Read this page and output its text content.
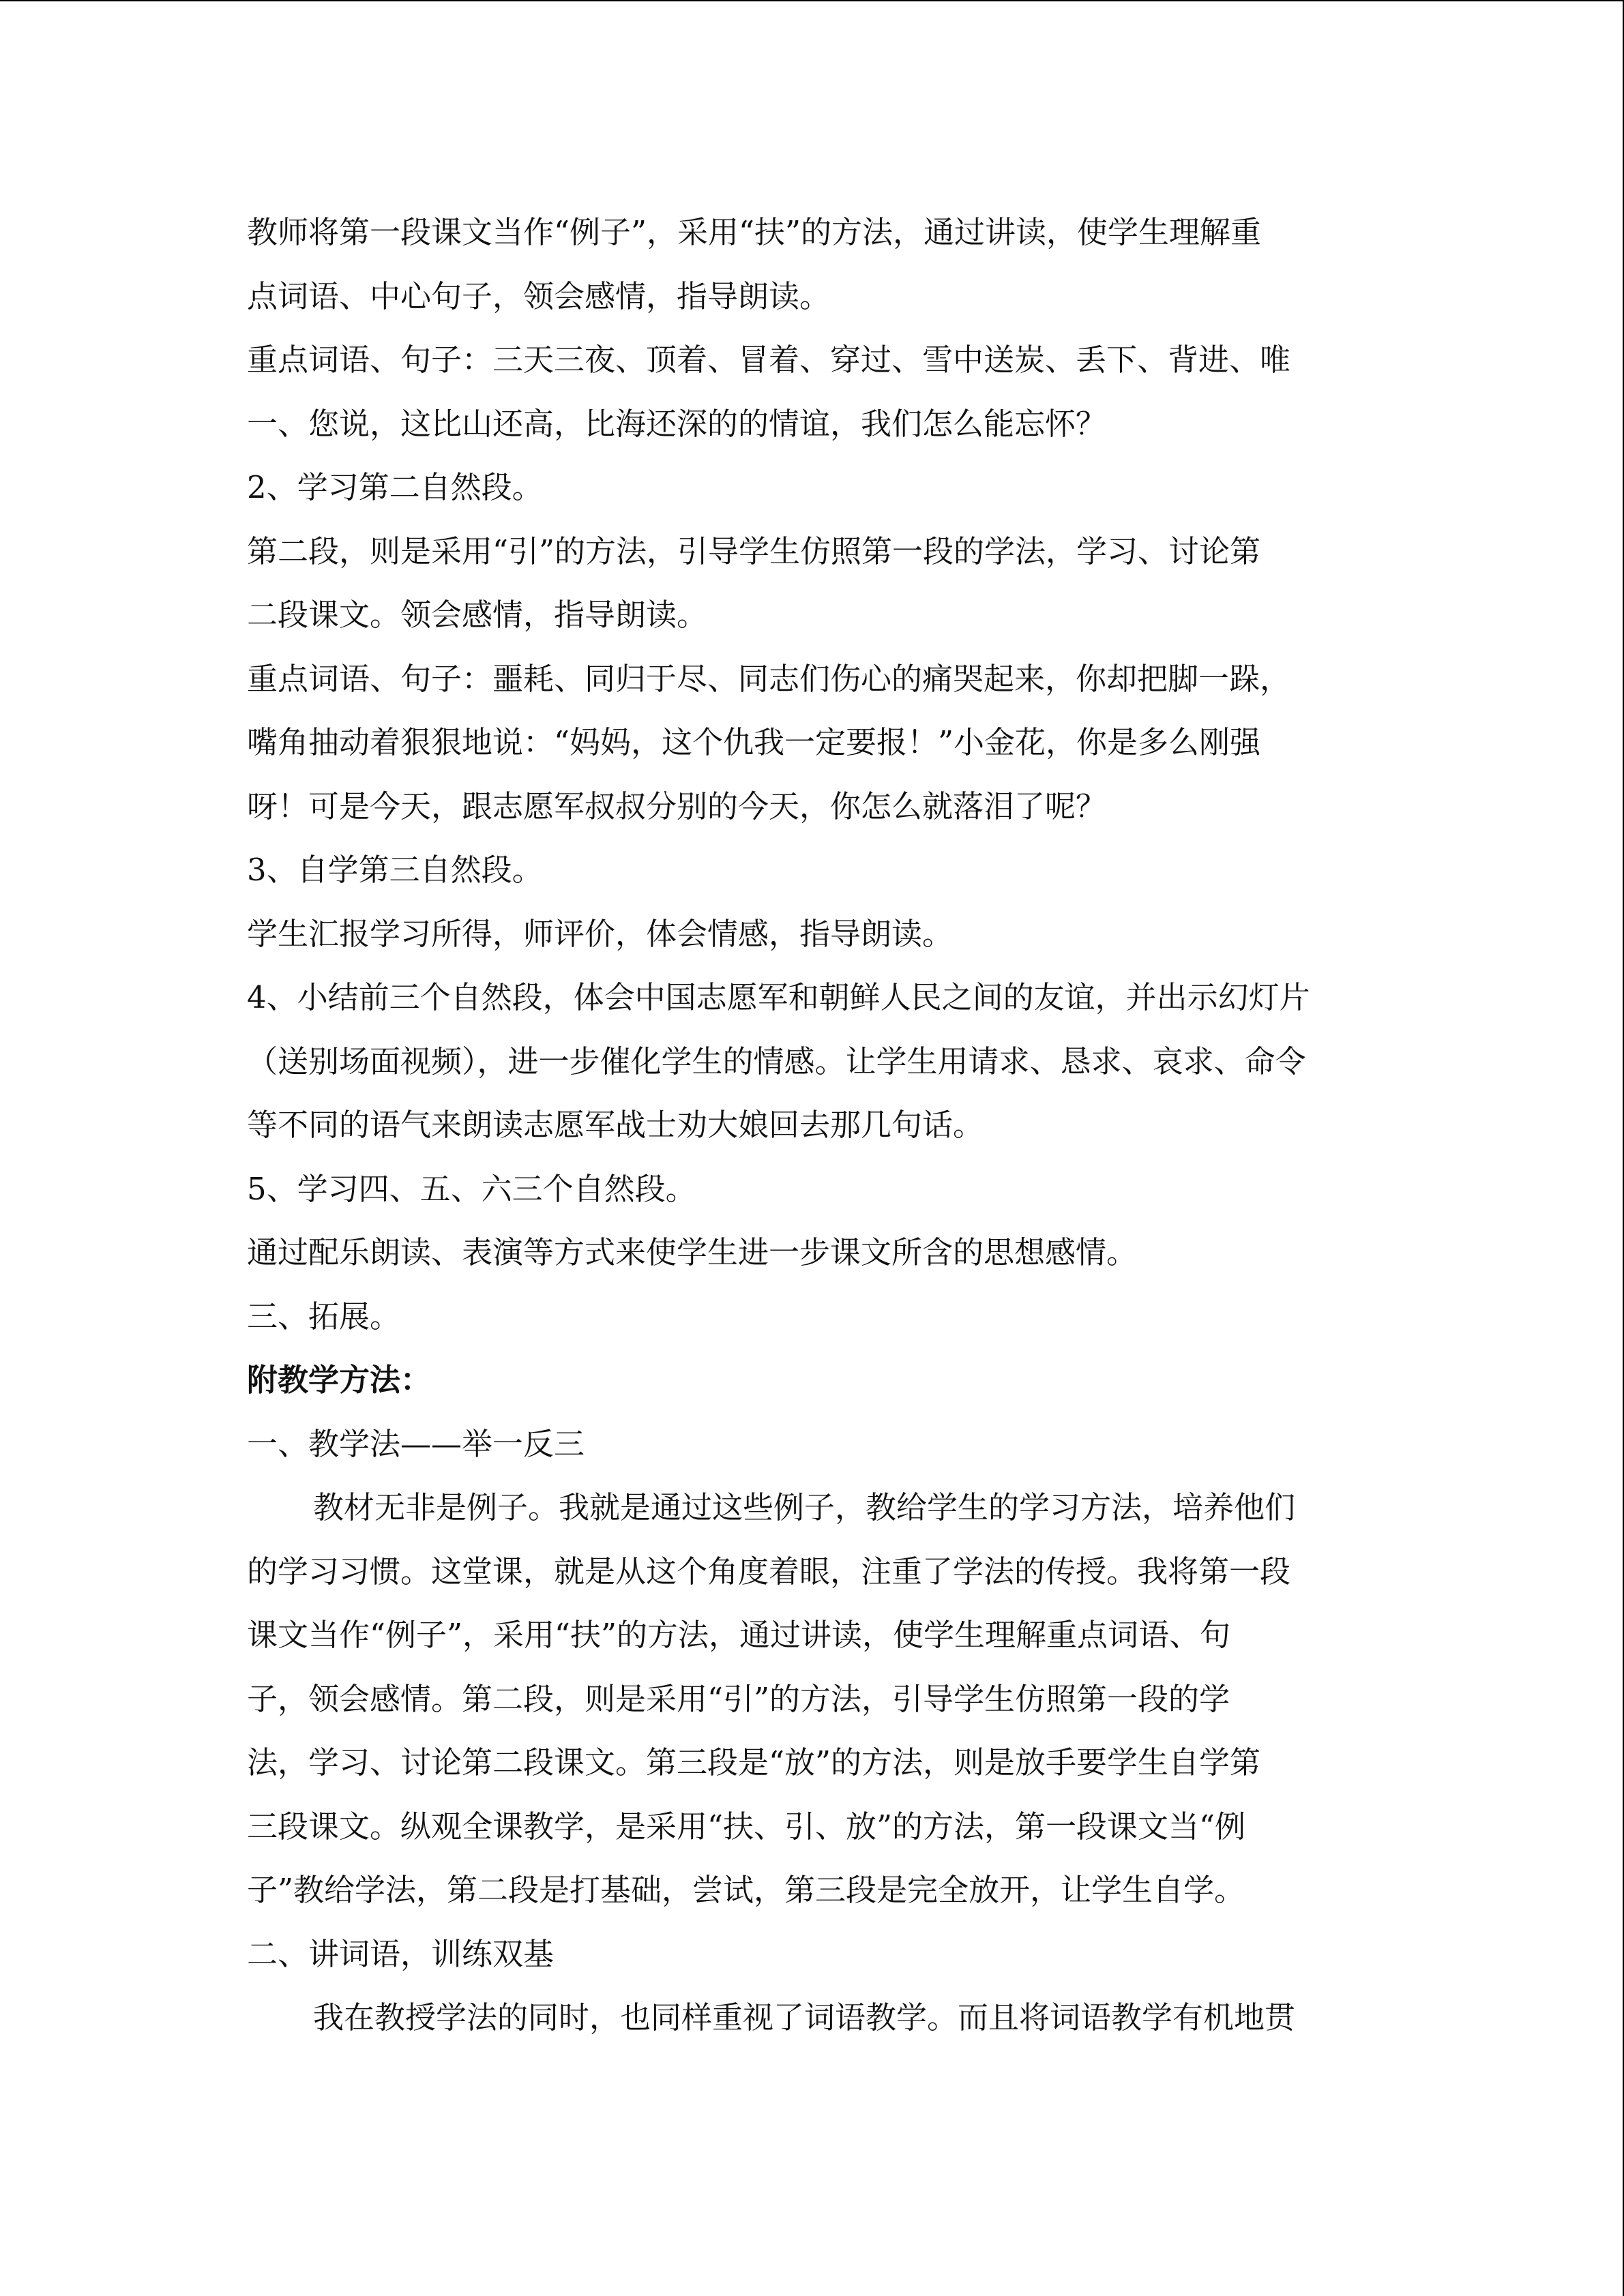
教师将第一段课文当作“例子”，采用“扶”的方法，通过讲读，使学生理解重
点词语、中心句子，领会感情，指导朗读。
重点词语、句子：三天三夜、顶着、冒着、穿过、雪中送炭、丢下、背进、唯
一、您说，这比山还高，比海还深的的情谊，我们怎么能忘怀？
2、学习第二自然段。
第二段，则是采用“引”的方法，引导学生仿照第一段的学法，学习、讨论第
二段课文。领会感情，指导朗读。
重点词语、句子：噩耗、同归于尽、同志们伤心的痛哭起来，你却把脚一跺，
嘴角抽动着狠狠地说：“妈妈，这个仇我一定要报！”小金花，你是多么刚强
呀！可是今天，跟志愿军叔叔分别的今天，你怎么就落泪了呢？
3、自学第三自然段。
学生汇报学习所得，师评价，体会情感，指导朗读。
4、小结前三个自然段，体会中国志愿军和朝鲜人民之间的友谊，并出示幻灯片
（送别场面视频），进一步催化学生的情感。让学生用请求、恳求、哀求、命令
等不同的语气来朗读志愿军战士劝大娘回去那几句话。
5、学习四、五、六三个自然段。
通过配乐朗读、表演等方式来使学生进一步课文所含的思想感情。
三、拓展。
附教学方法：
一、教学法——举一反三
教材无非是例子。我就是通过这些例子，教给学生的学习方法，培养他们
的学习习惯。这堂课，就是从这个角度着眼，注重了学法的传授。我将第一段
课文当作“例子”，采用“扶”的方法，通过讲读，使学生理解重点词语、句
子，领会感情。第二段，则是采用“引”的方法，引导学生仿照第一段的学
法，学习、讨论第二段课文。第三段是“放”的方法，则是放手要学生自学第
三段课文。纵观全课教学，是采用“扶、引、放”的方法，第一段课文当“例
子”教给学法，第二段是打基础，尝试，第三段是完全放开，让学生自学。
二、讲词语，训练双基
我在教授学法的同时，也同样重视了词语教学。而且将词语教学有机地贯
